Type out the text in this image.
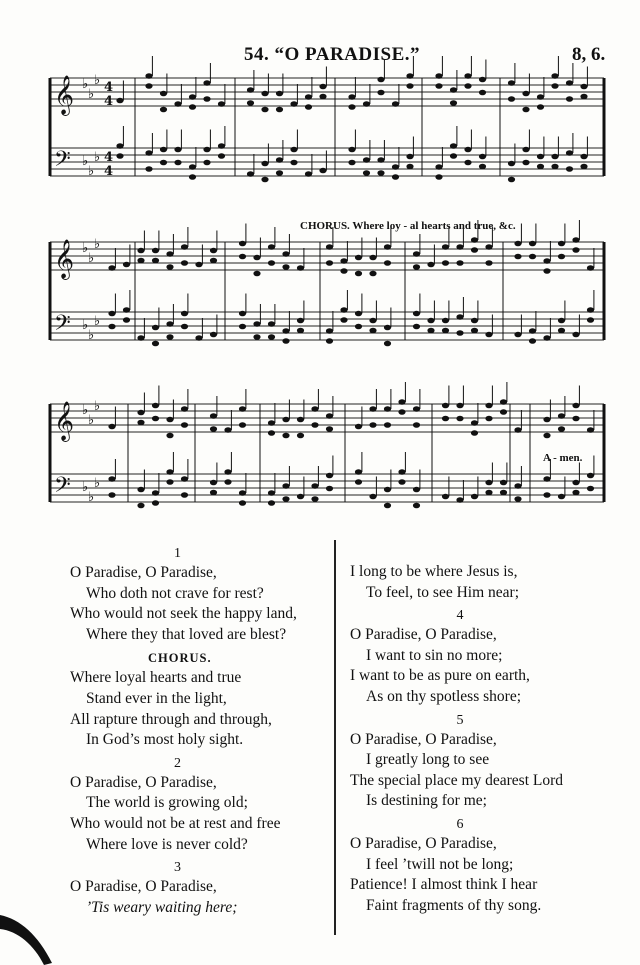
54. “O PARADISE.”	8, 6.
𝄞 ♭
♭
♭ 4
4
𝄢 ♭
♭
♭ 4
4
𝄞 ♭
♭
♭
𝄢 ♭
♭
♭
𝄞 ♭
♭
♭
𝄢 ♭
♭
♭
CHORUS. Where loy - al hearts and true, &c.
A - men.
1
O Paradise, O Paradise,
Who doth not crave for rest?
Who would not seek the happy land,
Where they that loved are blest?
CHORUS.
Where loyal hearts and true
Stand ever in the light,
All rapture through and through,
In God’s most holy sight.
2
O Paradise, O Paradise,
The world is growing old;
Who would not be at rest and free
Where love is never cold?
3
O Paradise, O Paradise,
’Tis weary waiting here;
I long to be where Jesus is,
To feel, to see Him near;
4
O Paradise, O Paradise,
I want to sin no more;
I want to be as pure on earth,
As on thy spotless shore;
5
O Paradise, O Paradise,
I greatly long to see
The special place my dearest Lord
Is destining for me;
6
O Paradise, O Paradise,
I feel ’twill not be long;
Patience! I almost think I hear
Faint fragments of thy song.
